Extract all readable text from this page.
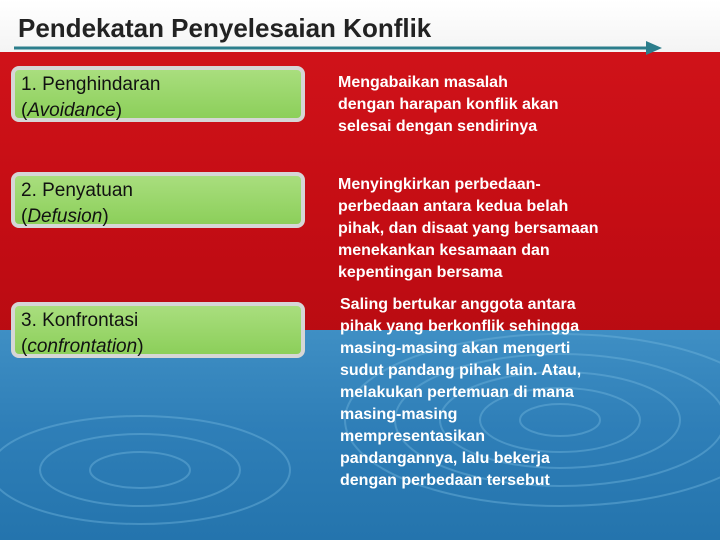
Pendekatan Penyelesaian Konflik
1. Penghindaran
(Avoidance)
Mengabaikan masalah
dengan harapan konflik akan
selesai dengan sendirinya
2. Penyatuan
(Defusion)
Menyingkirkan perbedaan-
perbedaan antara kedua belah
pihak, dan disaat yang bersamaan
menekankan kesamaan dan
kepentingan bersama
3. Konfrontasi
(confrontation)
Saling bertukar anggota antara
pihak yang berkonflik sehingga
masing-masing akan mengerti
sudut pandang pihak lain. Atau,
melakukan pertemuan di mana
masing-masing
mempresentasikan
pandangannya, lalu bekerja
dengan perbedaan tersebut
